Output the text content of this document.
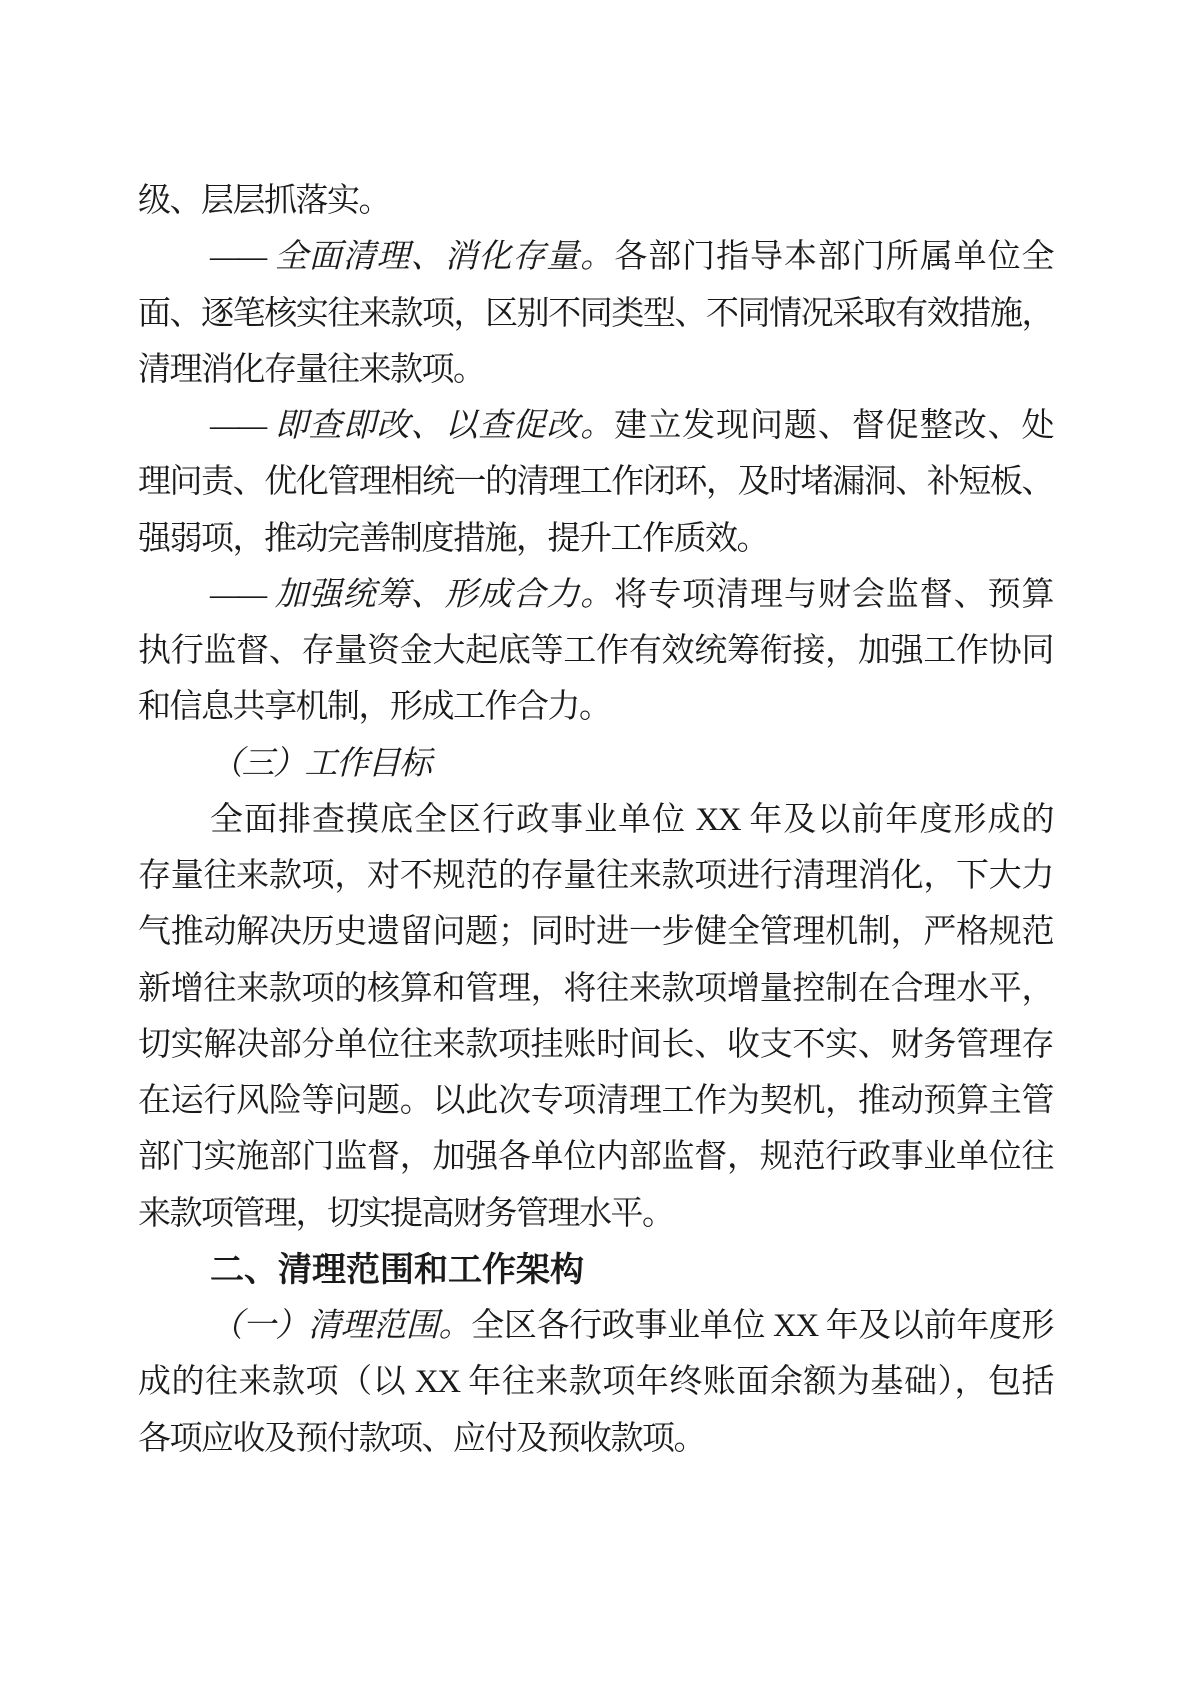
级、层层抓落实。
—— 全面清理、消化存量。各部门指导本部门所属单位全
面、逐笔核实往来款项，区别不同类型、不同情况采取有效措施，
清理消化存量往来款项。
—— 即查即改、以查促改。建立发现问题、督促整改、处
理问责、优化管理相统一的清理工作闭环，及时堵漏洞、补短板、
强弱项，推动完善制度措施，提升工作质效。
—— 加强统筹、形成合力。将专项清理与财会监督、预算
执行监督、存量资金大起底等工作有效统筹衔接，加强工作协同
和信息共享机制，形成工作合力。
（三）工作目标
全面排查摸底全区行政事业单位 XX 年及以前年度形成的
存量往来款项，对不规范的存量往来款项进行清理消化，下大力
气推动解决历史遗留问题；同时进一步健全管理机制，严格规范
新增往来款项的核算和管理，将往来款项增量控制在合理水平，
切实解决部分单位往来款项挂账时间长、收支不实、财务管理存
在运行风险等问题。以此次专项清理工作为契机，推动预算主管
部门实施部门监督，加强各单位内部监督，规范行政事业单位往
来款项管理，切实提高财务管理水平。
二、清理范围和工作架构
（一）清理范围。全区各行政事业单位 XX 年及以前年度形
成的往来款项（以 XX 年往来款项年终账面余额为基础），包括
各项应收及预付款项、应付及预收款项。
